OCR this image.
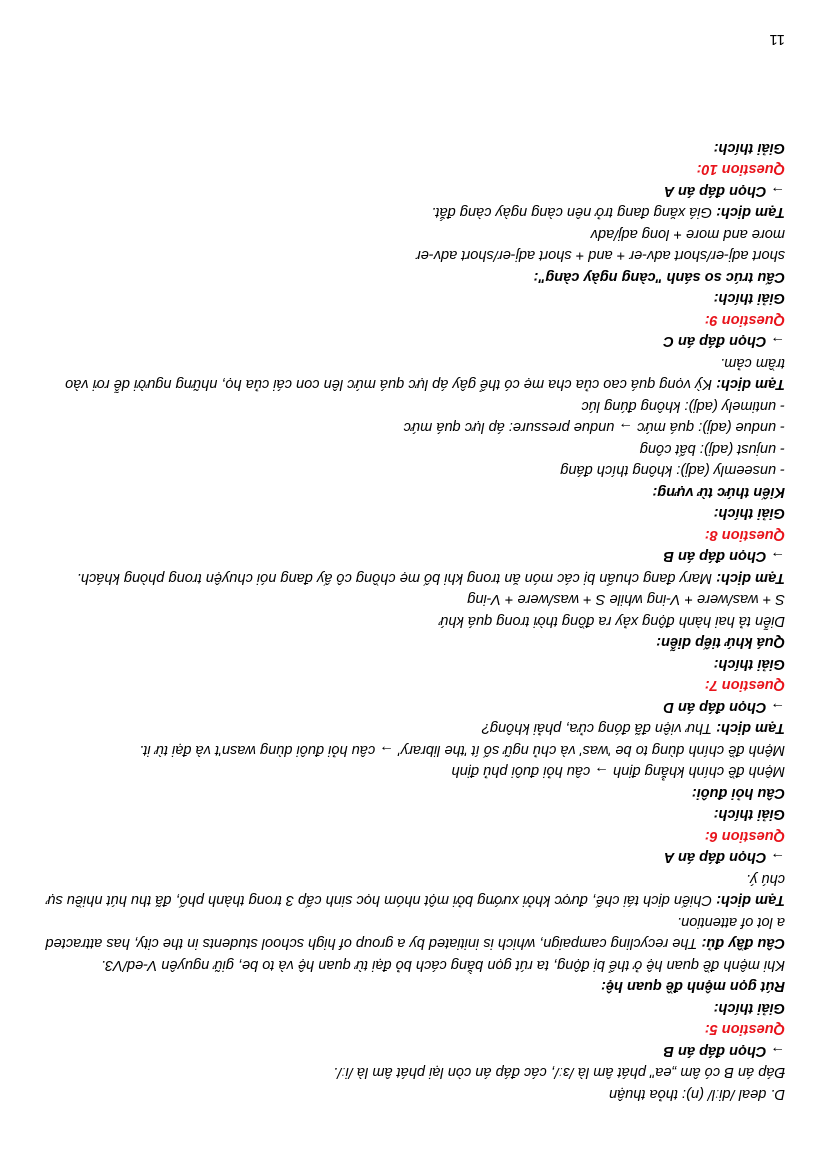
D. deal /diːl/ (n): thỏa thuận
Đáp án B có âm „ea" phát âm là /ɜː/, các đáp án còn lại phát âm là /iː/.
→ Chọn đáp án B
Question 5:
Giải thích:
Rút gọn mệnh đề quan hệ:
Khi mệnh đề quan hệ ở thể bị động, ta rút gọn bằng cách bỏ đại từ quan hệ và to be, giữ nguyên V-ed/V3.
Câu đầy đủ: The recycling campaign, which is initiated by a group of high school students in the city, has attracted a lot of attention.
Tạm dịch: Chiến dịch tái chế, được khởi xướng bởi một nhóm học sinh cấp 3 trong thành phố, đã thu hút nhiều sự chú ý.
→ Chọn đáp án A
Question 6:
Giải thích:
Câu hỏi đuôi:
Mệnh đề chính khẳng định → câu hỏi đuôi phủ định
Mệnh đề chính dùng to be 'was' và chủ ngữ số ít 'the library' → câu hỏi đuôi dùng wasn't và đại từ it.
Tạm dịch: Thư viện đã đóng cửa, phải không?
→ Chọn đáp án D
Question 7:
Giải thích:
Quá khứ tiếp diễn:
Diễn tả hai hành động xảy ra đồng thời trong quá khứ
S + was/were + V-ing while S + was/were + V-ing
Tạm dịch: Mary đang chuẩn bị các món ăn trong khi bố mẹ chồng cô ấy đang nói chuyện trong phòng khách.
→ Chọn đáp án B
Question 8:
Giải thích:
Kiến thức từ vựng:
- unseemly (adj): không thích đáng
- unjust (adj): bất công
- undue (adj): quá mức → undue pressure: áp lực quá mức
- untimely (adj): không đúng lúc
Tạm dịch: Kỳ vọng quá cao của cha mẹ có thể gây áp lực quá mức lên con cái của họ, những người dễ rơi vào trầm cảm.
→ Chọn đáp án C
Question 9:
Giải thích:
Cấu trúc so sánh "càng ngày càng":
short adj-er/short adv-er + and + short adj-er/short adv-er
more and more + long adj/adv
Tạm dịch: Giá xăng đang trở nên càng ngày càng đắt.
→ Chọn đáp án A
Question 10:
Giải thích:
11
